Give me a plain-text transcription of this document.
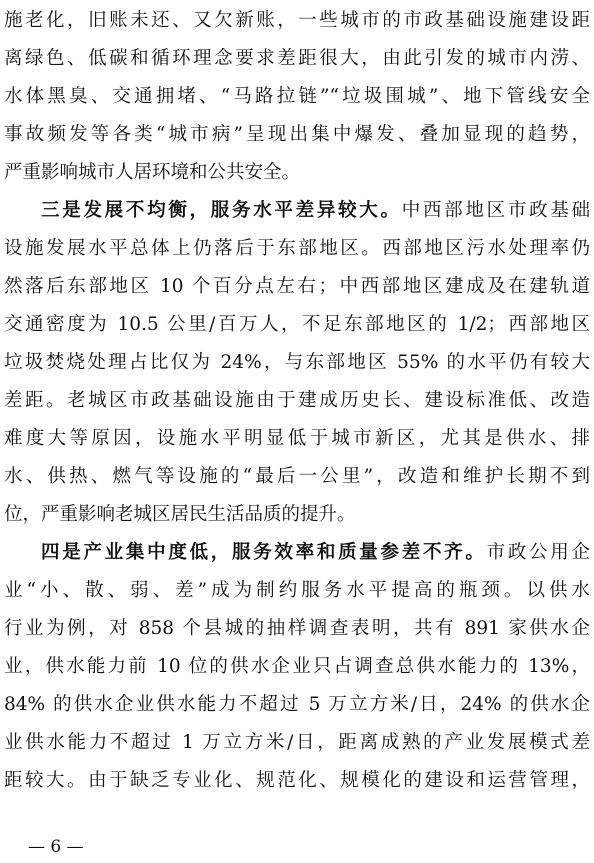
施老化，旧账未还、又欠新账，一些城市的市政基础设施建设距
离绿色、低碳和循环理念要求差距很大，由此引发的城市内涝、
水体黑臭、交通拥堵、“马路拉链”“垃圾围城”、地下管线安全
事故频发等各类“城市病”呈现出集中爆发、叠加显现的趋势，
严重影响城市人居环境和公共安全。
三是发展不均衡，服务水平差异较大。中西部地区市政基础
设施发展水平总体上仍落后于东部地区。西部地区污水处理率仍
然落后东部地区 10 个百分点左右；中西部地区建成及在建轨道
交通密度为 10.5 公里/百万人，不足东部地区的 1/2；西部地区
垃圾焚烧处理占比仅为 24%，与东部地区 55% 的水平仍有较大
差距。老城区市政基础设施由于建成历史长、建设标准低、改造
难度大等原因，设施水平明显低于城市新区，尤其是供水、排
水、供热、燃气等设施的“最后一公里”，改造和维护长期不到
位，严重影响老城区居民生活品质的提升。
四是产业集中度低，服务效率和质量参差不齐。市政公用企
业“小、散、弱、差”成为制约服务水平提高的瓶颈。以供水
行业为例，对 858 个县城的抽样调查表明，共有 891 家供水企
业，供水能力前 10 位的供水企业只占调查总供水能力的 13%，
84% 的供水企业供水能力不超过 5 万立方米/日，24% 的供水企
业供水能力不超过 1 万立方米/日，距离成熟的产业发展模式差
距较大。由于缺乏专业化、规范化、规模化的建设和运营管理，
— 6 —
